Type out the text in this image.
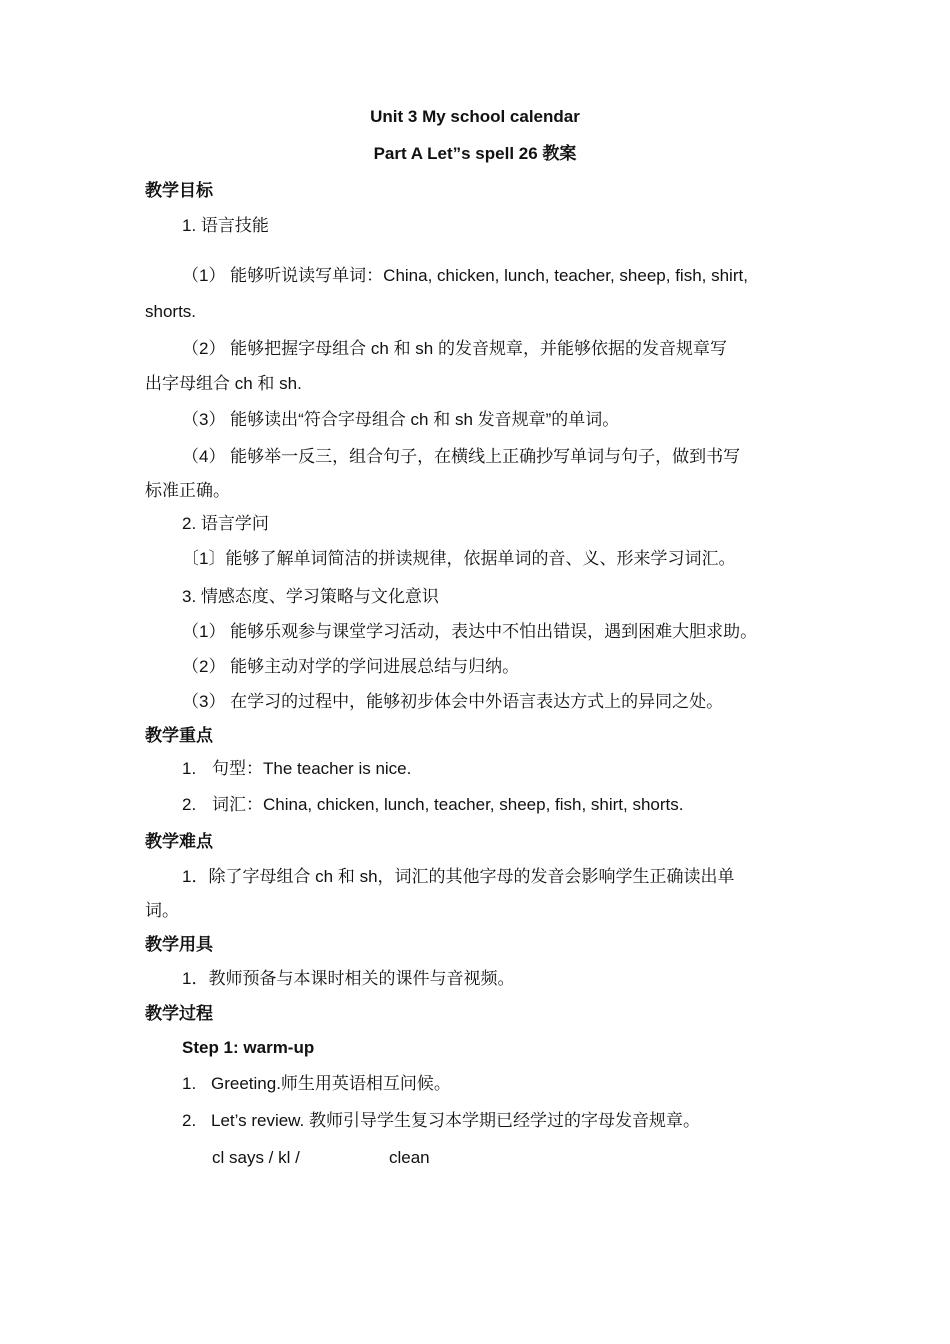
Unit 3 My school calendar
Part A Let”s spell 26 教案
教学目标
1. 语言技能
（1） 能够听说读写单词：China, chicken, lunch, teacher, sheep, fish, shirt,
shorts.
（2） 能够把握字母组合 ch 和 sh 的发音规章，并能够依据的发音规章写
出字母组合 ch 和 sh.
（3） 能够读出“符合字母组合 ch 和 sh 发音规章”的单词。
（4） 能够举一反三，组合句子，在横线上正确抄写单词与句子，做到书写
标准正确。
2. 语言学问
〔1〕能够了解单词简洁的拼读规律，依据单词的音、义、形来学习词汇。
3. 情感态度、学习策略与文化意识
（1） 能够乐观参与课堂学习活动，表达中不怕出错误，遇到困难大胆求助。
（2） 能够主动对学的学问进展总结与归纳。
（3） 在学习的过程中，能够初步体会中外语言表达方式上的异同之处。
教学重点
1. 句型：The teacher is nice.
2. 词汇：China, chicken, lunch, teacher, sheep, fish, shirt, shorts.
教学难点
1．除了字母组合 ch 和 sh，词汇的其他字母的发音会影响学生正确读出单
词。
教学用具
1．教师预备与本课时相关的课件与音视频。
教学过程
Step 1: warm-up
1. Greeting.师生用英语相互问候。
2. Let’s review. 教师引导学生复习本学期已经学过的字母发音规章。
cl says / kl /	clean
